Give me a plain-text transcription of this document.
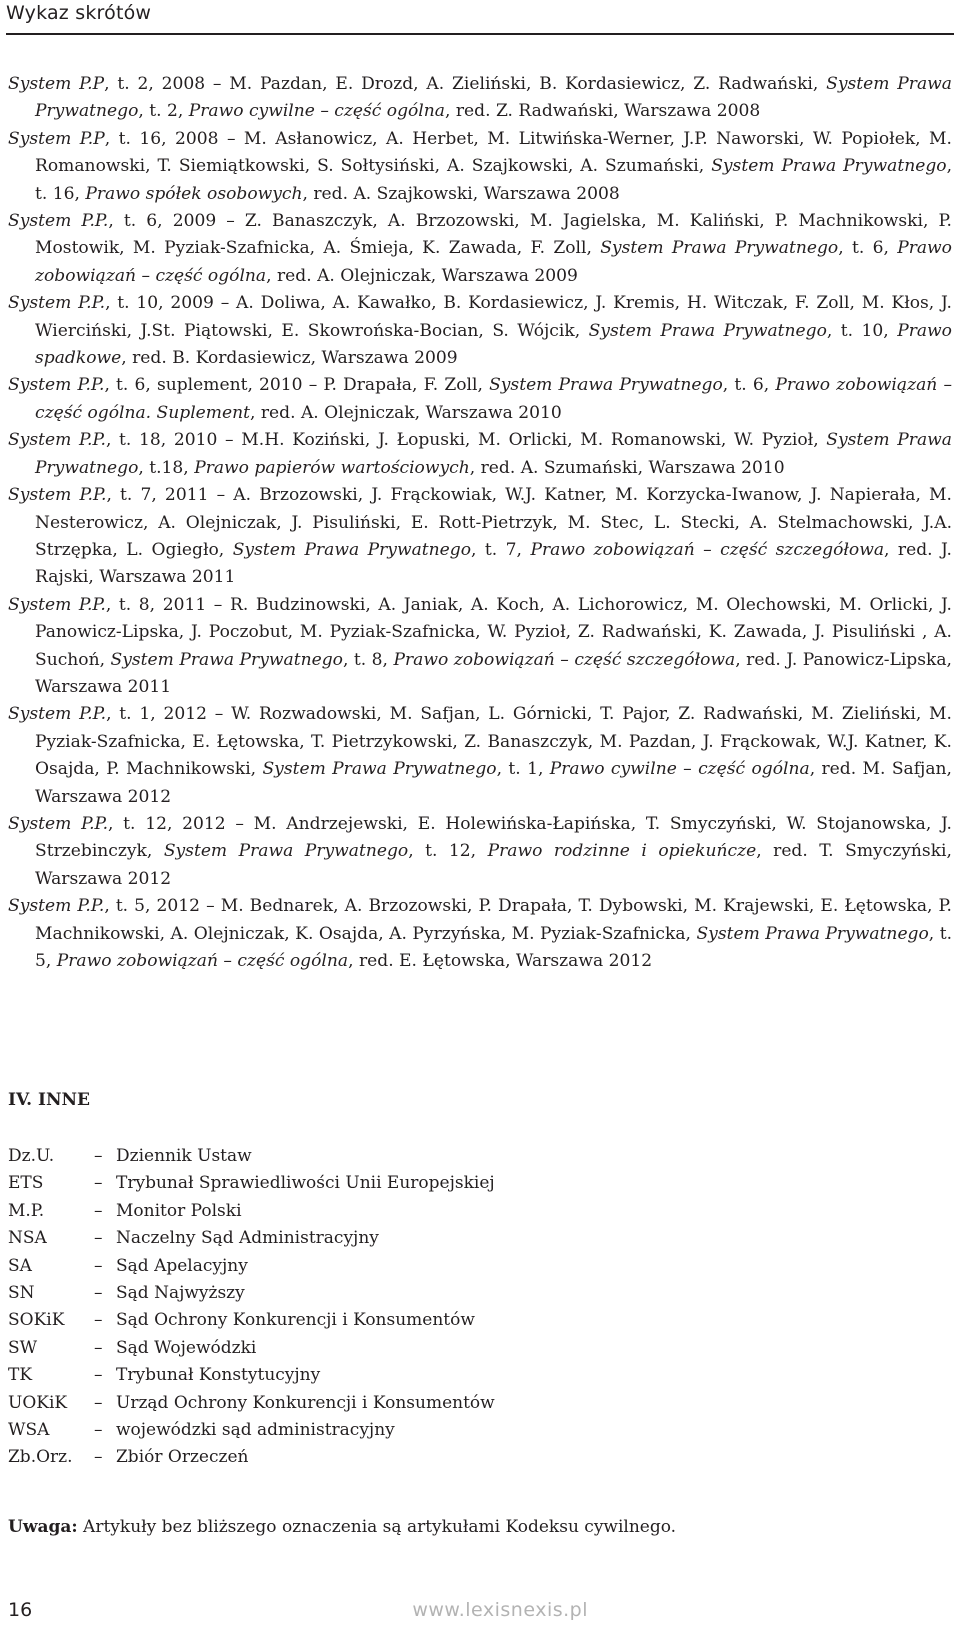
Wykaz skrótów

System P.P, t. 2, 2008 – M. Pazdan, E. Drozd, A. Zieliński, B. Kordasiewicz, Z. Radwański, System Prawa Prywatnego, t. 2, Prawo cywilne – część ogólna, red. Z. Radwański, Warszawa 2008

System P.P, t. 16, 2008 – M. Asłanowicz, A. Herbet, M. Litwińska-Werner, J.P. Naworski, W. Popiołek, M. Romanowski, T. Siemiątkowski, S. Sołtysiński, A. Szajkowski, A. Szumański, System Prawa Prywatnego, t. 16, Prawo spółek osobowych, red. A. Szajkowski, Warszawa 2008

System P.P., t. 6, 2009 – Z. Banaszczyk, A. Brzozowski, M. Jagielska, M. Kaliński, P. Machnikowski, P. Mostowik, M. Pyziak-Szafnicka, A. Śmieja, K. Zawada, F. Zoll, System Prawa Prywatnego, t. 6, Prawo zobowiązań – część ogólna, red. A. Olejniczak, Warszawa 2009

System P.P., t. 10, 2009 – A. Doliwa, A. Kawałko, B. Kordasiewicz, J. Kremis, H. Witczak, F. Zoll, M. Kłos, J. Wierciński, J.St. Piątowski, E. Skowrońska-Bocian, S. Wójcik, System Prawa Prywatnego, t. 10, Prawo spadkowe, red. B. Kordasiewicz, Warszawa 2009

System P.P., t. 6, suplement, 2010 – P. Drapała, F. Zoll, System Prawa Prywatnego, t. 6, Prawo zobowiązań – część ogólna. Suplement, red. A. Olejniczak, Warszawa 2010

System P.P., t. 18, 2010 – M.H. Koziński, J. Łopuski, M. Orlicki, M. Romanowski, W. Pyzioł, System Prawa Prywatnego, t.18, Prawo papierów wartościowych, red. A. Szumański, Warszawa 2010

System P.P., t. 7, 2011 – A. Brzozowski, J. Frąckowiak, W.J. Katner, M. Korzycka-Iwanow, J. Napierała, M. Nesterowicz, A. Olejniczak, J. Pisuliński, E. Rott-Pietrzyk, M. Stec, L. Stecki, A. Stelmachowski, J.A. Strzępka, L. Ogiegło, System Prawa Prywatnego, t. 7, Prawo zobowiązań – część szczegółowa, red. J. Rajski, Warszawa 2011

System P.P., t. 8, 2011 – R. Budzinowski, A. Janiak, A. Koch, A. Lichorowicz, M. Olechowski, M. Orlicki, J. Panowicz-Lipska, J. Poczobut, M. Pyziak-Szafnicka, W. Pyzioł, Z. Radwański, K. Zawada, J. Pisuliński , A. Suchoń, System Prawa Prywatnego, t. 8, Prawo zobowiązań – część szczegółowa, red. J. Panowicz-Lipska, Warszawa 2011

System P.P., t. 1, 2012 – W. Rozwadowski, M. Safjan, L. Górnicki, T. Pajor, Z. Radwański, M. Zieliński, M. Pyziak-Szafnicka, E. Łętowska, T. Pietrzykowski, Z. Banaszczyk, M. Pazdan, J. Frąckowak, W.J. Katner, K. Osajda, P. Machnikowski, System Prawa Prywatnego, t. 1, Prawo cywilne – część ogólna, red. M. Safjan, Warszawa 2012

System P.P., t. 12, 2012 – M. Andrzejewski, E. Holewińska-Łapińska, T. Smyczyński, W. Stojanowska, J. Strzebinczyk, System Prawa Prywatnego, t. 12, Prawo rodzinne i opiekuńcze, red. T. Smyczyński, Warszawa 2012

System P.P., t. 5, 2012 – M. Bednarek, A. Brzozowski, P. Drapała, T. Dybowski, M. Krajewski, E. Łętowska, P. Machnikowski, A. Olejniczak, K. Osajda, A. Pyrzyńska, M. Pyziak-Szafnicka, System Prawa Prywatnego, t. 5, Prawo zobowiązań – część ogólna, red. E. Łętowska, Warszawa 2012

IV. INNE
Dz.U.	– Dziennik Ustaw
ETS	– Trybunał Sprawiedliwości Unii Europejskiej
M.P.	– Monitor Polski
NSA	– Naczelny Sąd Administracyjny
SA	– Sąd Apelacyjny
SN	– Sąd Najwyższy
SOKiK	– Sąd Ochrony Konkurencji i Konsumentów
SW	– Sąd Wojewódzki
TK	– Trybunał Konstytucyjny
UOKiK	– Urząd Ochrony Konkurencji i Konsumentów
WSA	– wojewódzki sąd administracyjny
Zb.Orz.	– Zbiór Orzeczeń
Uwaga: Artykuły bez bliższego oznaczenia są artykułami Kodeksu cywilnego.
16	www.lexisnexis.pl
